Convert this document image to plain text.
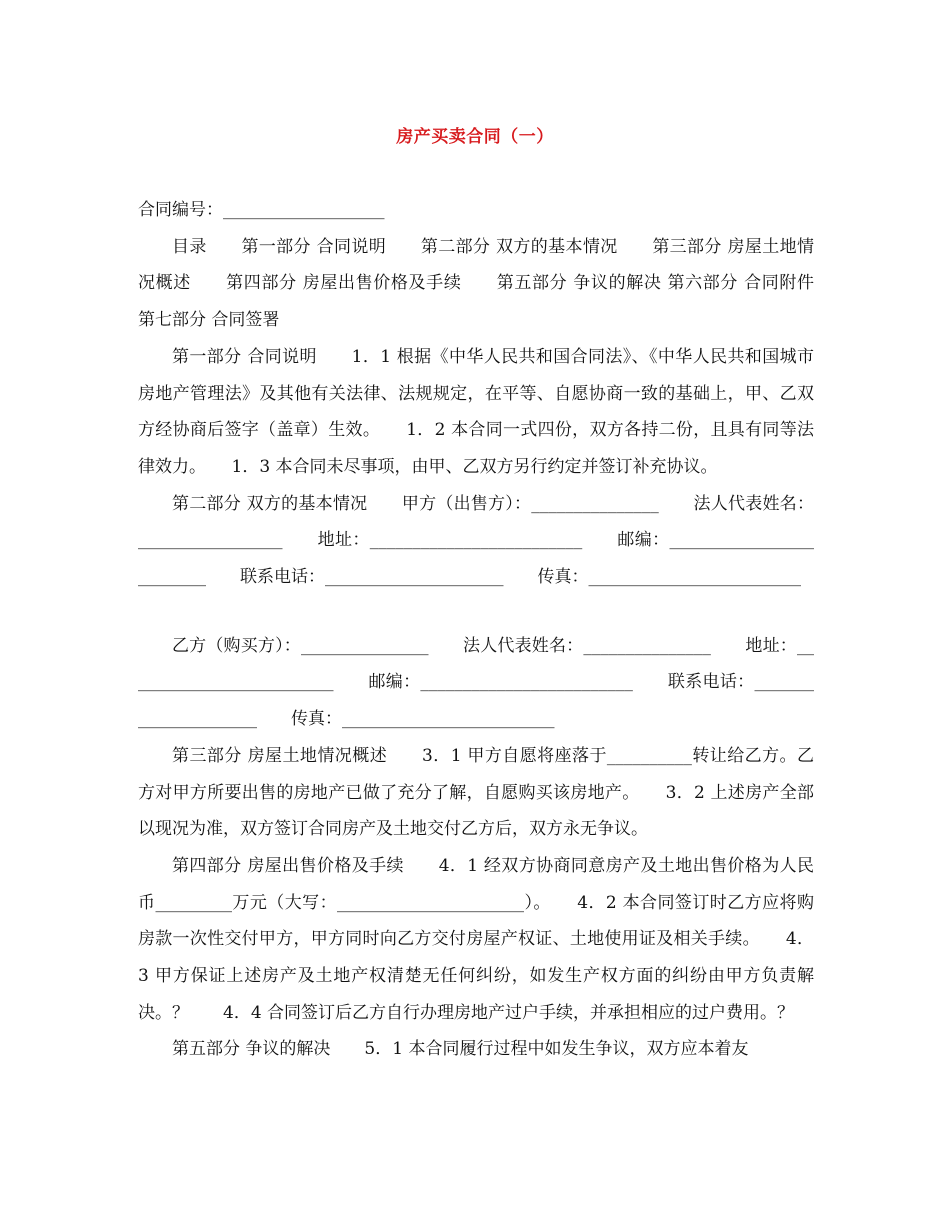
房产买卖合同（一）

合同编号：___________________

目录　　第一部分 合同说明　　第二部分 双方的基本情况　　第三部分 房屋土地情况概述　　第四部分 房屋出售价格及手续　　第五部分 争议的解决 第六部分 合同附件　　第七部分 合同签署

第一部分 合同说明　　1．1 根据《中华人民共和国合同法》、《中华人民共和国城市房地产管理法》及其他有关法律、法规规定，在平等、自愿协商一致的基础上，甲、乙双方经协商后签字（盖章）生效。　　1．2 本合同一式四份，双方各持二份，且具有同等法律效力。　　1．3 本合同未尽事项，由甲、乙双方另行约定并签订补充协议。

第二部分 双方的基本情况　　甲方（出售方）：_______________　　法人代表姓名：_________________　　地址：_________________________　　邮编：_________________________　　联系电话：_____________________　　传真：_________________________

乙方（购买方）：_______________　　法人代表姓名：_______________　　地址：_________________________　　邮编：_________________________　　联系电话：_____________________　　传真：_________________________

第三部分 房屋土地情况概述　　3．1 甲方自愿将座落于__________转让给乙方。乙方对甲方所要出售的房地产已做了充分了解，自愿购买该房地产。　　3．2 上述房产全部以现况为准，双方签订合同房产及土地交付乙方后，双方永无争议。

第四部分 房屋出售价格及手续　　4．1 经双方协商同意房产及土地出售价格为人民币_________万元（大写：______________________）。　　4．2 本合同签订时乙方应将购房款一次性交付甲方，甲方同时向乙方交付房屋产权证、土地使用证及相关手续。　　4．3 甲方保证上述房产及土地产权清楚无任何纠纷，如发生产权方面的纠纷由甲方负责解决。？　　4．4 合同签订后乙方自行办理房地产过户手续，并承担相应的过户费用。？

第五部分 争议的解决　　5．1 本合同履行过程中如发生争议，双方应本着友
